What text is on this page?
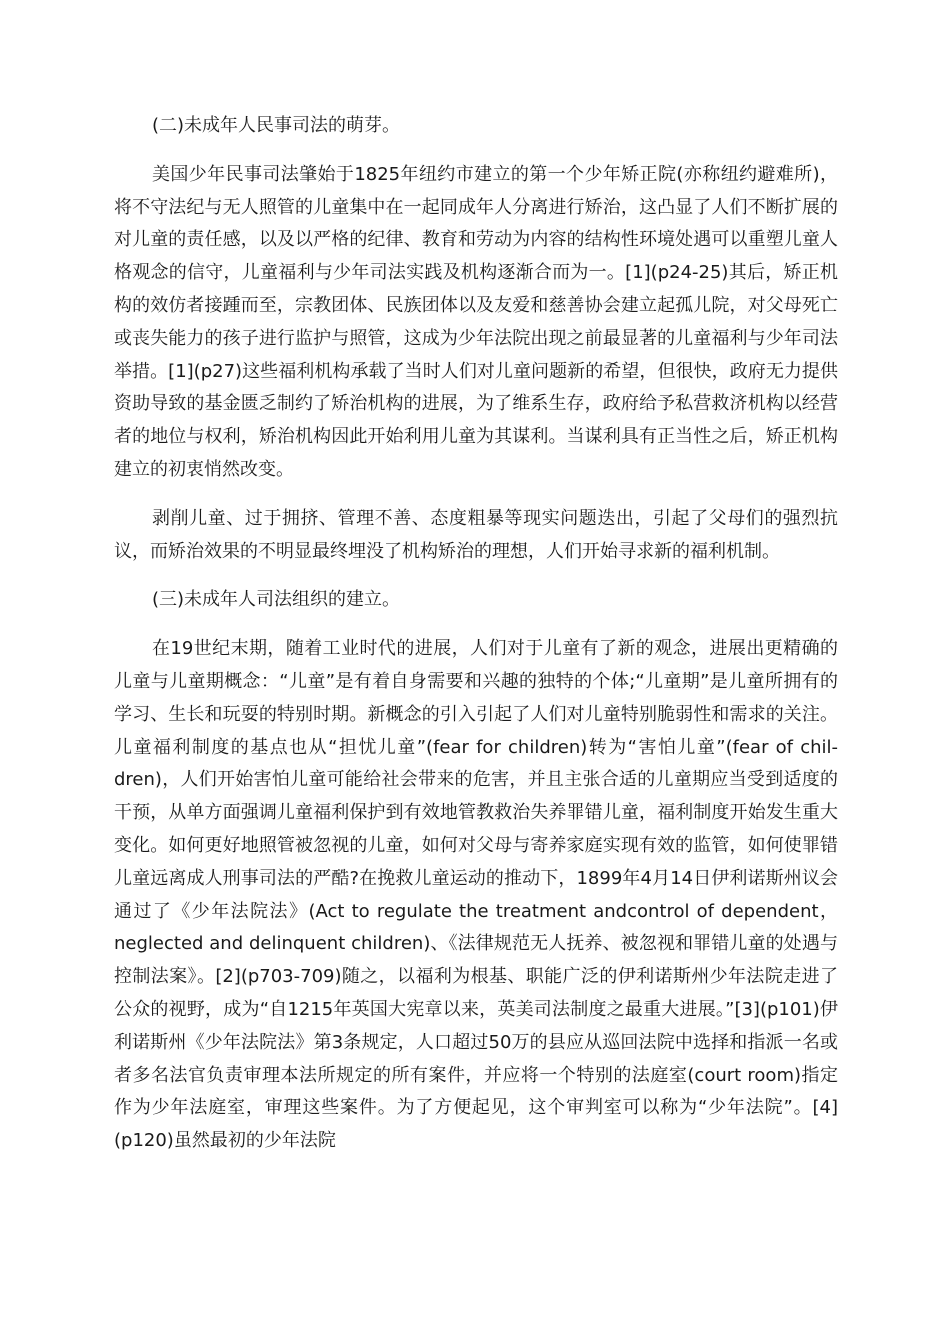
(二)未成年人民事司法的萌芽。

美国少年民事司法肇始于1825年纽约市建立的第一个少年矫正院(亦称纽约避难所)，将不守法纪与无人照管的儿童集中在一起同成年人分离进行矫治，这凸显了人们不断扩展的对儿童的责任感，以及以严格的纪律、教育和劳动为内容的结构性环境处遇可以重塑儿童人格观念的信守，儿童福利与少年司法实践及机构逐渐合而为一。[1](p24-25)其后，矫正机构的效仿者接踵而至，宗教团体、民族团体以及友爱和慈善协会建立起孤儿院，对父母死亡或丧失能力的孩子进行监护与照管，这成为少年法院出现之前最显著的儿童福利与少年司法举措。[1](p27)这些福利机构承载了当时人们对儿童问题新的希望，但很快，政府无力提供资助导致的基金匮乏制约了矫治机构的进展，为了维系生存，政府给予私营救济机构以经营者的地位与权利，矫治机构因此开始利用儿童为其谋利。当谋利具有正当性之后，矫正机构建立的初衷悄然改变。

剥削儿童、过于拥挤、管理不善、态度粗暴等现实问题迭出，引起了父母们的强烈抗议，而矫治效果的不明显最终埋没了机构矫治的理想，人们开始寻求新的福利机制。

(三)未成年人司法组织的建立。

在19世纪末期，随着工业时代的进展，人们对于儿童有了新的观念，进展出更精确的儿童与儿童期概念：“儿童”是有着自身需要和兴趣的独特的个体;“儿童期”是儿童所拥有的学习、生长和玩耍的特别时期。新概念的引入引起了人们对儿童特别脆弱性和需求的关注。儿童福利制度的基点也从“担忧儿童”(fear for children)转为“害怕儿童”(fear of chil-dren)，人们开始害怕儿童可能给社会带来的危害，并且主张合适的儿童期应当受到适度的干预，从单方面强调儿童福利保护到有效地管教救治失养罪错儿童，福利制度开始发生重大变化。如何更好地照管被忽视的儿童，如何对父母与寄养家庭实现有效的监管，如何使罪错儿童远离成人刑事司法的严酷?在挽救儿童运动的推动下，1899年4月14日伊利诺斯州议会通过了《少年法院法》(Act to regulate the treatment andcontrol of dependent，neglected and delinquent children)、《法律规范无人抚养、被忽视和罪错儿童的处遇与控制法案》。[2](p703-709)随之，以福利为根基、职能广泛的伊利诺斯州少年法院走进了公众的视野，成为“自1215年英国大宪章以来，英美司法制度之最重大进展。”[3](p101)伊利诺斯州《少年法院法》第3条规定，人口超过50万的县应从巡回法院中选择和指派一名或者多名法官负责审理本法所规定的所有案件，并应将一个特别的法庭室(court room)指定作为少年法庭室，审理这些案件。为了方便起见，这个审判室可以称为“少年法院”。[4](p120)虽然最初的少年法院
